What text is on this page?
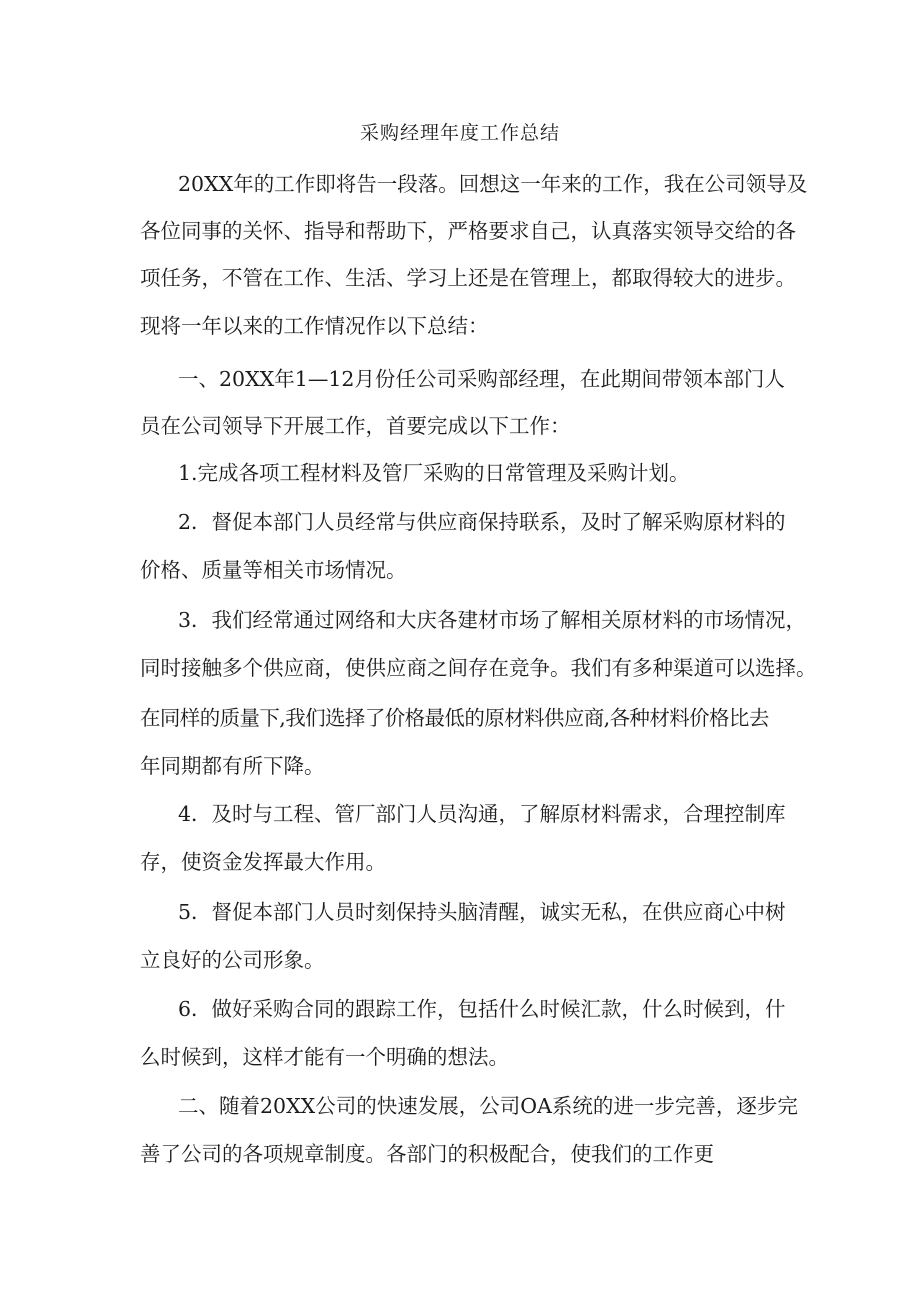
采购经理年度工作总结

20XX年的工作即将告一段落。回想这一年来的工作，我在公司领导及

各位同事的关怀、指导和帮助下，严格要求自己，认真落实领导交给的各

项任务，不管在工作、生活、学习上还是在管理上，都取得较大的进步。

现将一年以来的工作情况作以下总结：

一、20XX年1—12月份任公司采购部经理，在此期间带领本部门人

员在公司领导下开展工作，首要完成以下工作：

1.完成各项工程材料及管厂采购的日常管理及采购计划。

2．督促本部门人员经常与供应商保持联系，及时了解采购原材料的

价格、质量等相关市场情况。

3．我们经常通过网络和大庆各建材市场了解相关原材料的市场情况，

同时接触多个供应商，使供应商之间存在竞争。我们有多种渠道可以选择。

在同样的质量下,我们选择了价格最低的原材料供应商,各种材料价格比去

年同期都有所下降。

4．及时与工程、管厂部门人员沟通，了解原材料需求，合理控制库

存，使资金发挥最大作用。

5．督促本部门人员时刻保持头脑清醒，诚实无私，在供应商心中树

立良好的公司形象。

6．做好采购合同的跟踪工作，包括什么时候汇款，什么时候到，什

么时候到，这样才能有一个明确的想法。

二、随着20XX公司的快速发展，公司OA系统的进一步完善，逐步完

善了公司的各项规章制度。各部门的积极配合，使我们的工作更
